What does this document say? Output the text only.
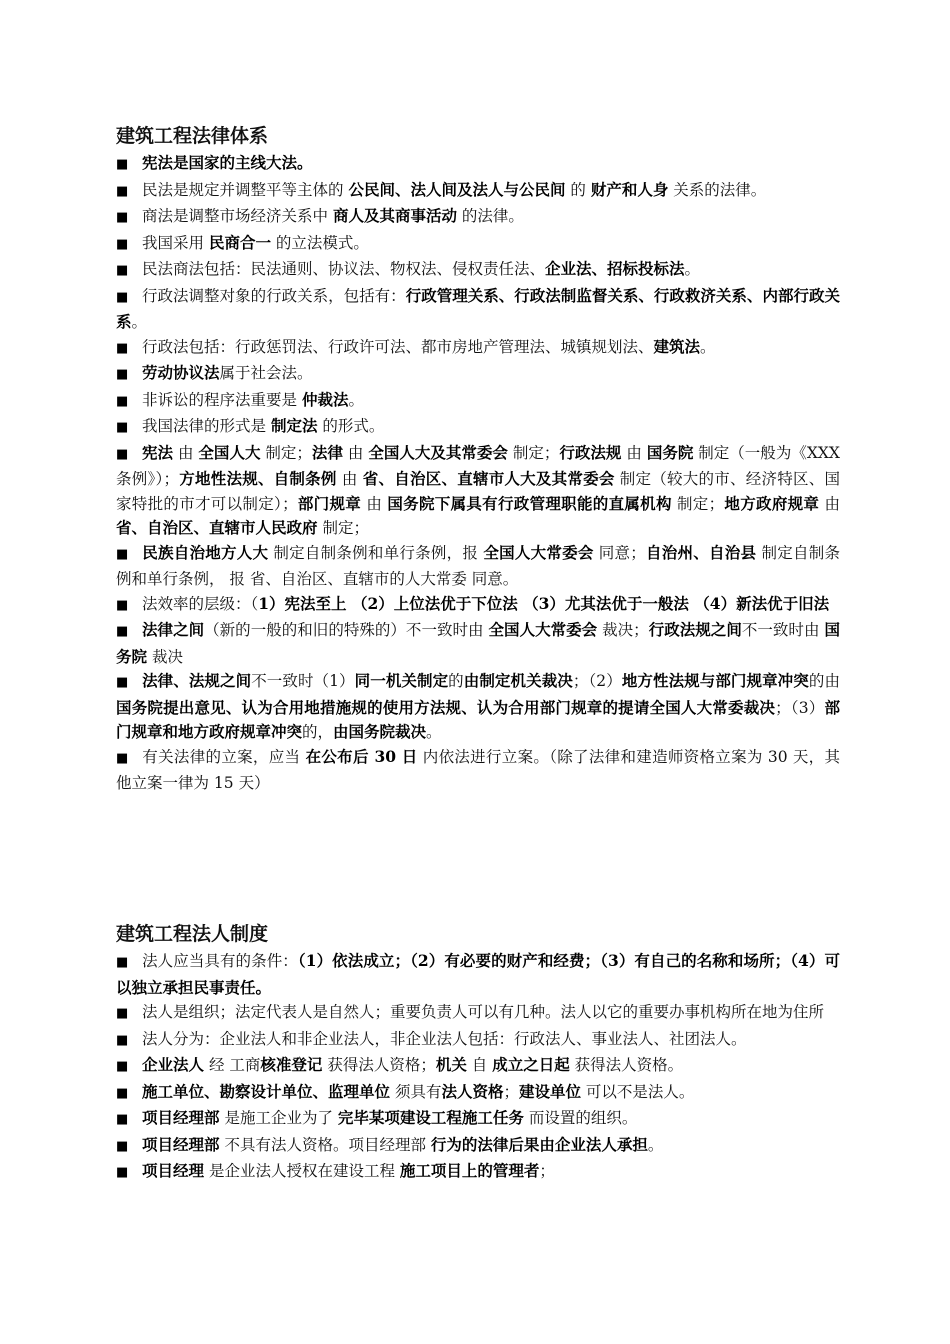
建筑工程法律体系

■ 宪法是国家的主线大法。

■ 民法是规定并调整平等主体的 公民间、法人间及法人与公民间 的 财产和人身 关系的法律。

■ 商法是调整市场经济关系中 商人及其商事活动 的法律。

■ 我国采用 民商合一 的立法模式。

■ 民法商法包括：民法通则、协议法、物权法、侵权责任法、企业法、招标投标法。

■ 行政法调整对象的行政关系，包括有：行政管理关系、行政法制监督关系、行政救济关系、内部行政关系。

■ 行政法包括：行政惩罚法、行政许可法、都市房地产管理法、城镇规划法、建筑法。

■ 劳动协议法属于社会法。

■ 非诉讼的程序法重要是 仲裁法。

■ 我国法律的形式是 制定法 的形式。

■ 宪法 由 全国人大 制定；法律 由 全国人大及其常委会 制定；行政法规 由 国务院 制定（一般为《XXX 条例》）；方地性法规、自制条例 由 省、自治区、直辖市人大及其常委会 制定（较大的市、经济特区、国家特批的市才可以制定）；部门规章 由 国务院下属具有行政管理职能的直属机构 制定；地方政府规章 由 省、自治区、直辖市人民政府 制定；

■ 民族自治地方人大 制定自制条例和单行条例，报 全国人大常委会 同意；自治州、自治县 制定自制条例和单行条例， 报 省、自治区、直辖市的人大常委 同意。

■ 法效率的层级：（1）宪法至上 （2）上位法优于下位法 （3）尤其法优于一般法 （4）新法优于旧法

■ 法律之间（新的一般的和旧的特殊的）不一致时由 全国人大常委会 裁决；行政法规之间不一致时由 国务院 裁决

■ 法律、法规之间不一致时（1）同一机关制定的由制定机关裁决；（2）地方性法规与部门规章冲突的由国务院提出意见、认为合用地措施规的使用方法规、认为合用部门规章的提请全国人大常委裁决；（3）部门规章和地方政府规章冲突的，由国务院裁决。

■ 有关法律的立案，应当 在公布后 30 日 内依法进行立案。（除了法律和建造师资格立案为 30 天，其他立案一律为 15 天）

建筑工程法人制度

■ 法人应当具有的条件：（1）依法成立；（2）有必要的财产和经费；（3）有自己的名称和场所；（4）可以独立承担民事责任。

■ 法人是组织；法定代表人是自然人；重要负责人可以有几种。法人以它的重要办事机构所在地为住所

■ 法人分为：企业法人和非企业法人，非企业法人包括：行政法人、事业法人、社团法人。

■ 企业法人 经 工商核准登记 获得法人资格；机关 自 成立之日起 获得法人资格。

■ 施工单位、勘察设计单位、监理单位 须具有法人资格；建设单位 可以不是法人。

■ 项目经理部 是施工企业为了 完毕某项建设工程施工任务 而设置的组织。

■ 项目经理部 不具有法人资格。项目经理部 行为的法律后果由企业法人承担。

■ 项目经理 是企业法人授权在建设工程 施工项目上的管理者；
